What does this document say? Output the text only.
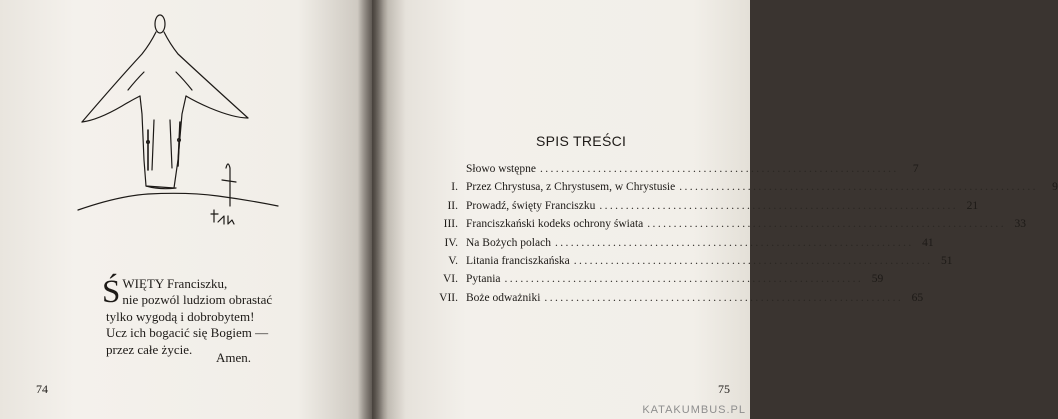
Ś WIĘTY Franciszku,
nie pozwól ludziom obrastać
tylko wygodą i dobrobytem!
Ucz ich bogacić się Bogiem —
przez całe życie.
Amen.
74
SPIS TREŚCI
Słowo wstępne ....................................................................	7
I. Przez Chrystusa, z Chrystusem, w Chrystusie ....................................................................	9
II. Prowadź, święty Franciszku .................................................................... 21
III. Franciszkański kodeks ochrony świata .................................................................... 33
IV. Na Bożych polach .................................................................... 41
V. Litania franciszkańska .................................................................... 51
VI. Pytania .................................................................... 59
VII. Boże odważniki .................................................................... 65
75
KATAKUMBUS.PL
